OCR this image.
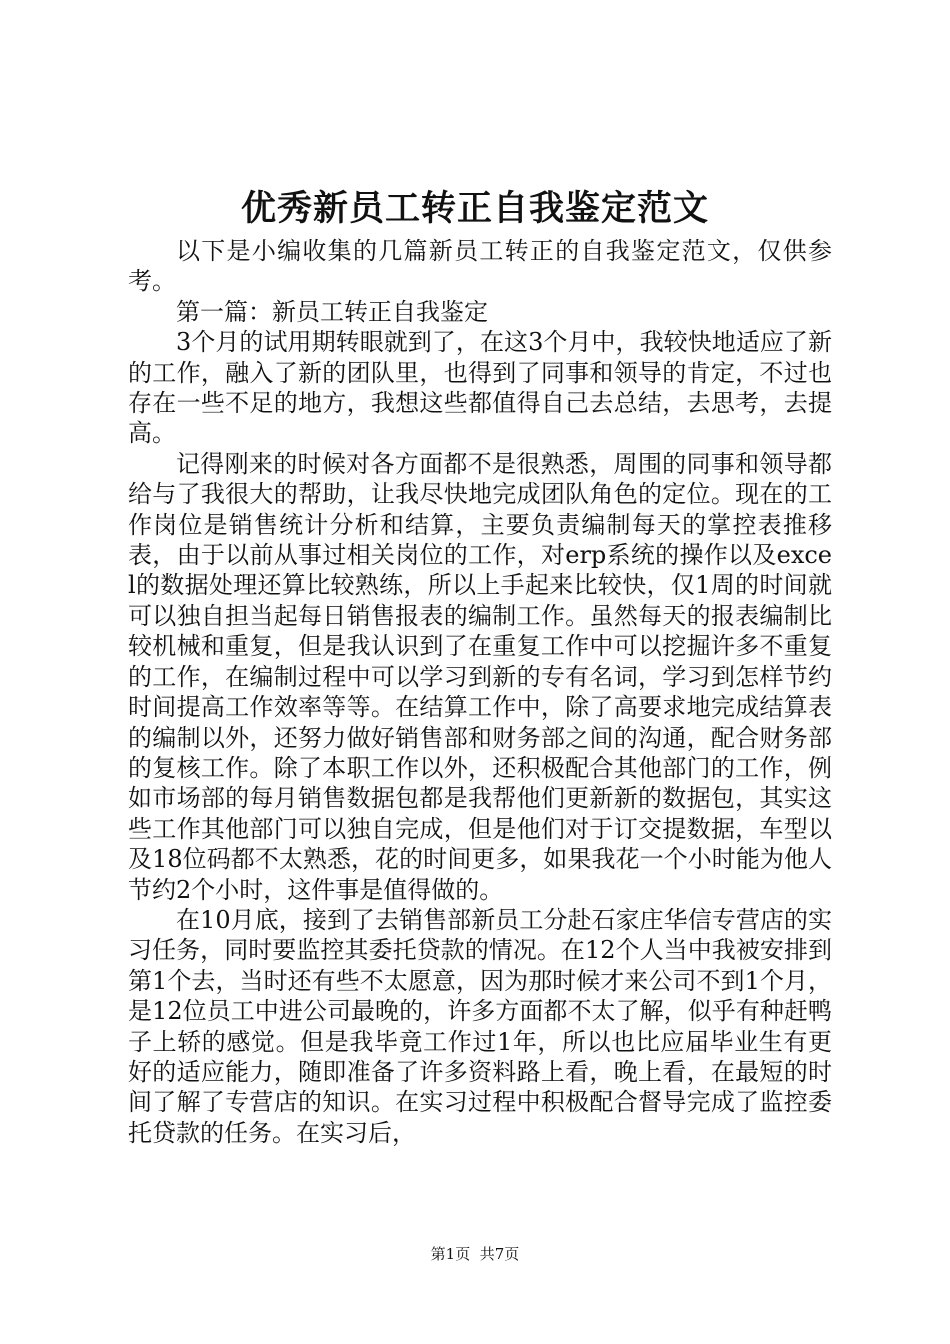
优秀新员工转正自我鉴定范文

以下是小编收集的几篇新员工转正的自我鉴定范文，仅供参考。

第一篇：新员工转正自我鉴定

3个月的试用期转眼就到了，在这3个月中，我较快地适应了新的工作，融入了新的团队里，也得到了同事和领导的肯定，不过也存在一些不足的地方，我想这些都值得自己去总结，去思考，去提高。

记得刚来的时候对各方面都不是很熟悉，周围的同事和领导都给与了我很大的帮助，让我尽快地完成团队角色的定位。现在的工作岗位是销售统计分析和结算，主要负责编制每天的掌控表推移表，由于以前从事过相关岗位的工作，对erp系统的操作以及excel的数据处理还算比较熟练，所以上手起来比较快，仅1周的时间就可以独自担当起每日销售报表的编制工作。虽然每天的报表编制比较机械和重复，但是我认识到了在重复工作中可以挖掘许多不重复的工作，在编制过程中可以学习到新的专有名词，学习到怎样节约时间提高工作效率等等。在结算工作中，除了高要求地完成结算表的编制以外，还努力做好销售部和财务部之间的沟通，配合财务部的复核工作。除了本职工作以外，还积极配合其他部门的工作，例如市场部的每月销售数据包都是我帮他们更新新的数据包，其实这些工作其他部门可以独自完成，但是他们对于订交提数据，车型以及18位码都不太熟悉，花的时间更多，如果我花一个小时能为他人节约2个小时，这件事是值得做的。

在10月底，接到了去销售部新员工分赴石家庄华信专营店的实习任务，同时要监控其委托贷款的情况。在12个人当中我被安排到第1个去，当时还有些不太愿意，因为那时候才来公司不到1个月，是12位员工中进公司最晚的，许多方面都不太了解，似乎有种赶鸭子上轿的感觉。但是我毕竟工作过1年，所以也比应届毕业生有更好的适应能力，随即准备了许多资料路上看，晚上看，在最短的时间了解了专营店的知识。在实习过程中积极配合督导完成了监控委托贷款的任务。在实习后，

第1页 共7页
